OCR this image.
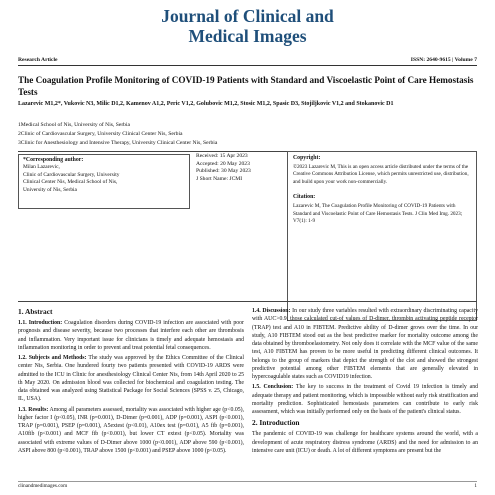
Journal of Clinical and
Medical Images
Research Article	ISSN: 2640-9615 | Volume 7
The Coagulation Profile Monitoring of COVID-19 Patients with Standard and Viscoelastic Point of Care Hemostasis Tests
Lazarevic M1,2*, Vukovic N3, Milic D1,2, Kamenov A1,2, Peric V1,2, Golubovic M1,2, Stosic M1,2, Spasic D3, Stojiljkovic V1,2 and Stokanovic D1
1Medical School of Nis, University of Nis, Serbia
2Clinic of Cardiovascular Surgery, University Clinical Center Nis, Serbia
3Clinic for Anesthesiology and Intensive Therapy, University Clinical Center Nis, Serbia
*Corresponding author:
Milan Lazarevic,
Clinic of Cardiovascular Surgery, University
Clinical Center Nis, Medical School of Nis,
University of Nis, Serbia
Received: 15 Apr 2023
Accepted: 20 May 2023
Published: 30 May 2023
J Short Name: JCMI
Copyright:
©2023 Lazarevic M, This is an open access article distributed under the terms of the Creative Commons Attribution License, which permits unrestricted use, distribution, and build upon your work non-commercially.
Citation:
Lazarevic M, The Coagulation Profile Monitoring of COVID-19 Patients with Standard and Viscoelastic Point of Care Hemostasis Tests. J Clin Med Img. 2023; V7(1): 1-9
1. Abstract

1.1. Introduction: Coagulation disorders during COVID-19 infection are associated with poor prognosis and disease severity, because two processes that interfere each other are thrombosis and inflammation. Very important issue for clinicians is timely and adequate hemostasis and inflammation monitoring in order to prevent and treat potential fetal consequences.

1.2. Subjects and Methods: The study was approved by the Ethics Committee of the Clinical center Nis, Serbia. One hundered fourty two patients presented with COVID-19 ARDS were admitted to the ICU in Clinic for anesthesiology Clinical Center Nis, from 14th April 2020 to 25 th May 2020. On admission blood was collected for biochemical and coagulation testing. The data obtained was analyzed using Statistical Package for Social Sciences (SPSS v. 25, Chicago, IL, USA).

1.3. Results: Among all parameters assessed, mortality was associated with higher age (p<0.05), higher factor I (p<0.05), INR (p=0.001), D-Dimer (p=0.001), ADP (p=0.001), ASPI (p<0.001), TRAP (p=0.001), PSEP (p=0.001), A5extest (p<0.01), A10ex test (p=0.01), A5 fib (p=0.001), A10fib (p<0.001) and MCF fib (p<0.001), but lower CT extest (p<0.05). Mortality was associated with extreme values of D-Dimer above 1000 (p<0.001), ADP above 590 (p<0.001), ASPI above 800 (p<0.001), TRAP above 1500 (p<0.001) and PSEP above 1000 (p<0.05).

1.4. Discussion: In our study three variables resulted with extraordinary discriminating capacity with AUC>0.9, those calculated cut-of values of D-dimer, thrombin activating peptide receptor (TRAP) test and A10 in FIBTEM. Predictive ability of D-dimer grows over the time. In our study, A10 FIBTEM stood out as the best predictive marker for mortality outcome among the data obtained by thromboelastometry. Not only does it correlate with the MCF value of the same test, A10 FIBTEM has proven to be more useful in predicting different clinical outcomes. It belongs to the group of markers that depict the strength of the clot and showed the strongest predictive potential among other FIBTEM elements that are generally elevated in hypercoagulable states such as COVID19 infection.

1.5. Conclusion: The key to success in the treatment of Covid 19 infection is timely and adequate therapy and patient monitoring, which is impossible without early risk stratification and mortality prediction. Sophisticated hemostasis parameters can contribute to early risk assessment, which was initially performed only on the basis of the patient's clinical status.

2. Introduction

The pandemic of COVID-19 was challenge for healthcare systems around the world, with a development of acute respiratory distress syndrome (ARDS) and the need for admission to an intensive care unit (ICU) or death. A lot of different symptoms are present but the

clinandmedimages.com	1
